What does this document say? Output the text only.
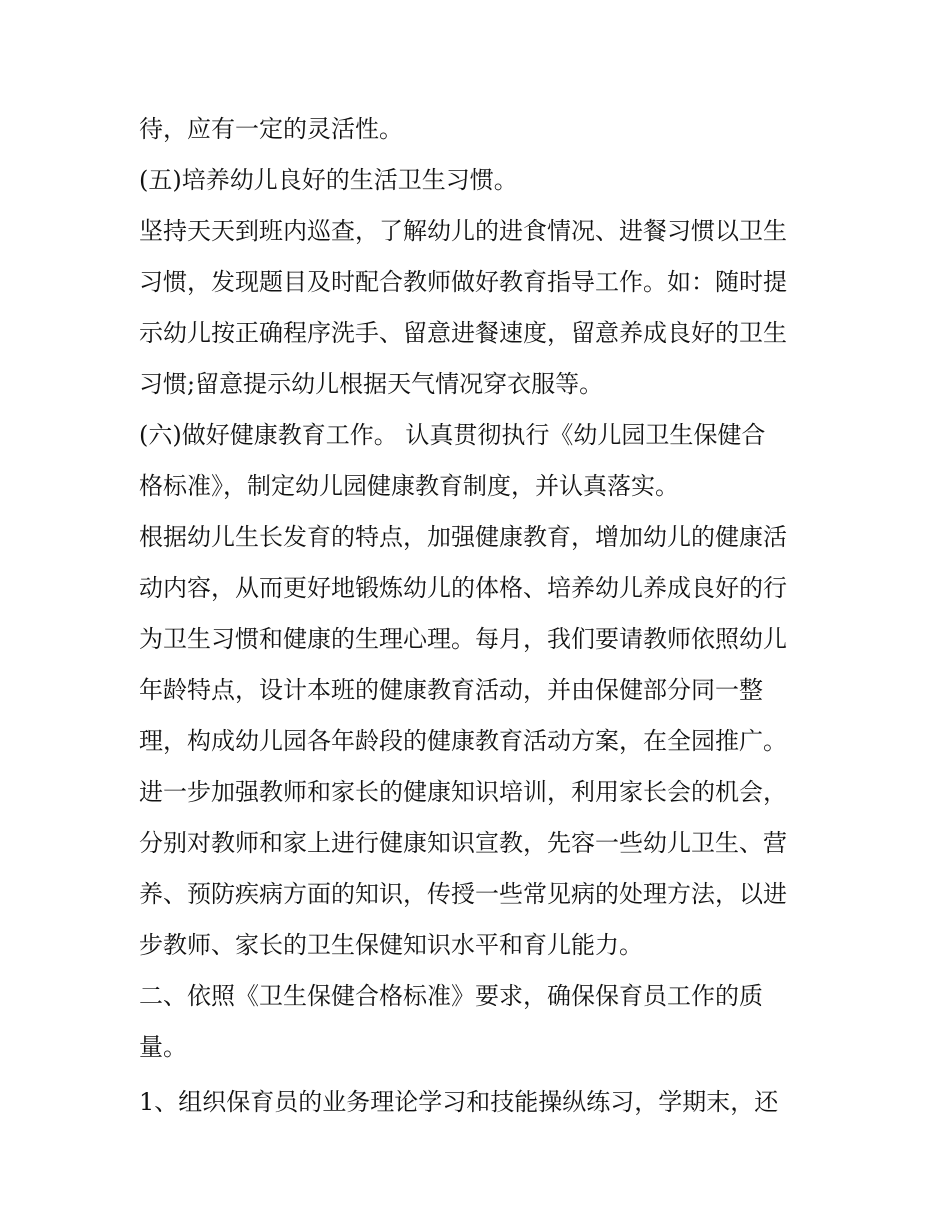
待，应有一定的灵活性。
(五)培养幼儿良好的生活卫生习惯。
坚持天天到班内巡查，了解幼儿的进食情况、进餐习惯以卫生
习惯，发现题目及时配合教师做好教育指导工作。如：随时提
示幼儿按正确程序洗手、留意进餐速度，留意养成良好的卫生
习惯;留意提示幼儿根据天气情况穿衣服等。
(六)做好健康教育工作。 认真贯彻执行《幼儿园卫生保健合
格标准》，制定幼儿园健康教育制度，并认真落实。
根据幼儿生长发育的特点，加强健康教育，增加幼儿的健康活
动内容，从而更好地锻炼幼儿的体格、培养幼儿养成良好的行
为卫生习惯和健康的生理心理。每月，我们要请教师依照幼儿
年龄特点，设计本班的健康教育活动，并由保健部分同一整
理，构成幼儿园各年龄段的健康教育活动方案，在全园推广。
进一步加强教师和家长的健康知识培训，利用家长会的机会，
分别对教师和家上进行健康知识宣教，先容一些幼儿卫生、营
养、预防疾病方面的知识，传授一些常见病的处理方法，以进
步教师、家长的卫生保健知识水平和育儿能力。
二、依照《卫生保健合格标准》要求，确保保育员工作的质
量。
1、组织保育员的业务理论学习和技能操纵练习，学期末，还
